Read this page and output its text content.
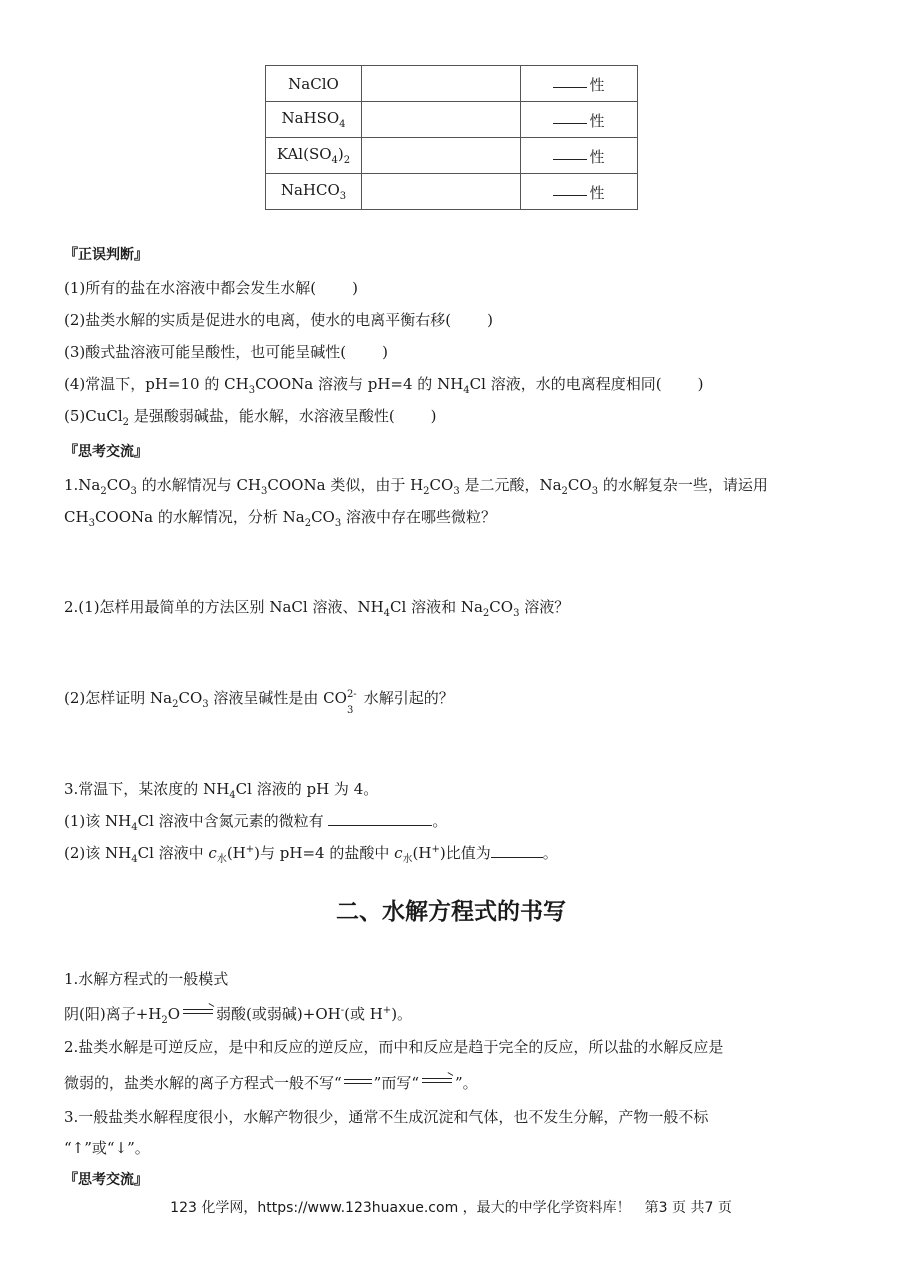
NaClO		性
NaHSO$_4$		性
$KAl(SO_4)_2$		性
NaHCO$_3$		性
『正误判断』
(1)所有的盐在水溶液中都会发生水解( )
(2)盐类水解的实质是促进水的电离，使水的电离平衡右移( )
(3)酸式盐溶液可能呈酸性，也可能呈碱性( )
(4)常温下，pH=10 的 $CH_3COONa$ 溶液与 pH=4 的 $NH_4Cl$ 溶液，水的电离程度相同( )
(5)CuCl$_2$ 是强酸弱碱盐，能水解，水溶液呈酸性( )
『思考交流』
$1.Na_2CO_3$ 的水解情况与 $CH_3COONa$ 类似，由于 $H_2CO_3$ 是二元酸，$Na_2CO_3$ 的水解复杂一些，请运用
$CH_3COONa$ 的水解情况，分析 $Na_2CO_3$ 溶液中存在哪些微粒？
2.(1)怎样用最简单的方法区别 NaCl 溶液、$NH_4Cl$ 溶液和 $Na_2CO_3$ 溶液？
(2)怎样证明 $Na_2CO_3$ 溶液呈碱性是由 CO 2-
3
水解引起的？
3.常温下，某浓度的 $NH_4Cl$ 溶液的 pH 为 4。
(1)该 $NH_4Cl$ 溶液中含氮元素的微粒有	。
(2)该 $NH_4Cl$ 溶液中 $c_水(H^+)$与 pH=4 的盐酸中 $c_水(H^+)$比值为	。
二、水解方程式的书写
1.水解方程式的一般模式
阴(阳)离子$+H_2O$ → 弱酸(或弱碱)+OH-(或 H+)。
2.盐类水解是可逆反应，是中和反应的逆反应，而中和反应是趋于完全的反应，所以盐的水解反应是
微弱的，盐类水解的离子方程式一般不写“ ”而写“ → ”。
3.一般盐类水解程度很小，水解产物很少，通常不生成沉淀和气体，也不发生分解，产物一般不标
“↑”或“↓”。
『思考交流』
123 化学网，https://www.123huaxue.com ，最大的中学化学资料库！　第3 页 共7 页
